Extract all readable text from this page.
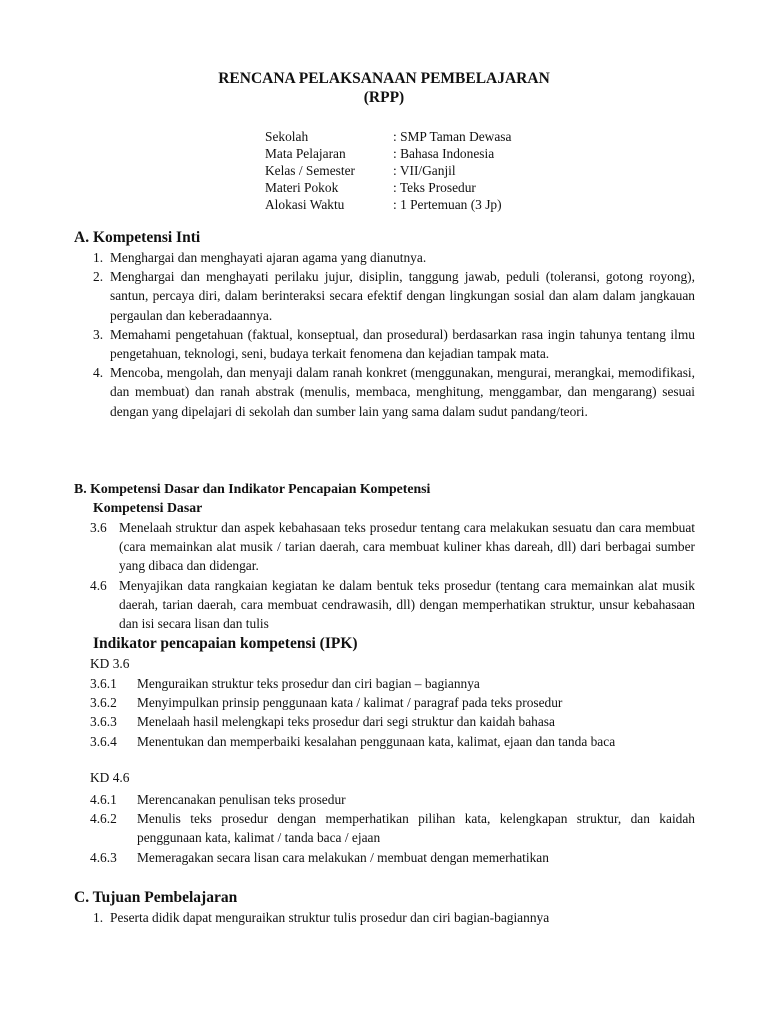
RENCANA PELAKSANAAN PEMBELAJARAN
(RPP)
Sekolah	: SMP Taman Dewasa
Mata Pelajaran	: Bahasa Indonesia
Kelas / Semester	: VII/Ganjil
Materi Pokok	: Teks Prosedur
Alokasi Waktu	: 1 Pertemuan (3 Jp)
A. Kompetensi Inti
1. Menghargai dan menghayati ajaran agama yang dianutnya.
2. Menghargai dan menghayati perilaku jujur, disiplin, tanggung jawab, peduli (toleransi, gotong royong), santun, percaya diri, dalam berinteraksi secara efektif dengan lingkungan sosial dan alam dalam jangkauan pergaulan dan keberadaannya.
3. Memahami pengetahuan (faktual, konseptual, dan prosedural) berdasarkan rasa ingin tahunya tentang ilmu pengetahuan, teknologi, seni, budaya terkait fenomena dan kejadian tampak mata.
4. Mencoba, mengolah, dan menyaji dalam ranah konkret (menggunakan, mengurai, merangkai, memodifikasi, dan membuat) dan ranah abstrak (menulis, membaca, menghitung, menggambar, dan mengarang) sesuai dengan yang dipelajari di sekolah dan sumber lain yang sama dalam sudut pandang/teori.
B. Kompetensi Dasar dan Indikator Pencapaian Kompetensi
Kompetensi Dasar
3.6 Menelaah struktur dan aspek kebahasaan teks prosedur tentang cara melakukan sesuatu dan cara membuat (cara memainkan alat musik / tarian daerah, cara membuat kuliner khas dareah, dll) dari berbagai sumber yang dibaca dan didengar.
4.6 Menyajikan data rangkaian kegiatan ke dalam bentuk teks prosedur (tentang cara memainkan alat musik daerah, tarian daerah, cara membuat cendrawasih, dll) dengan memperhatikan struktur, unsur kebahasaan dan isi secara lisan dan tulis
Indikator pencapaian kompetensi (IPK)
KD 3.6
3.6.1 Menguraikan struktur teks prosedur dan ciri bagian – bagiannya
3.6.2 Menyimpulkan prinsip penggunaan kata / kalimat / paragraf pada teks prosedur
3.6.3 Menelaah hasil melengkapi teks prosedur dari segi struktur dan kaidah bahasa
3.6.4 Menentukan dan memperbaiki kesalahan penggunaan kata, kalimat, ejaan dan tanda baca
KD 4.6
4.6.1 Merencanakan penulisan teks prosedur
4.6.2 Menulis teks prosedur dengan memperhatikan pilihan kata, kelengkapan struktur, dan kaidah penggunaan kata, kalimat / tanda baca / ejaan
4.6.3 Memeragakan secara lisan cara melakukan / membuat dengan memerhatikan
C. Tujuan Pembelajaran
1. Peserta didik dapat menguraikan struktur tulis prosedur dan ciri bagian-bagiannya
